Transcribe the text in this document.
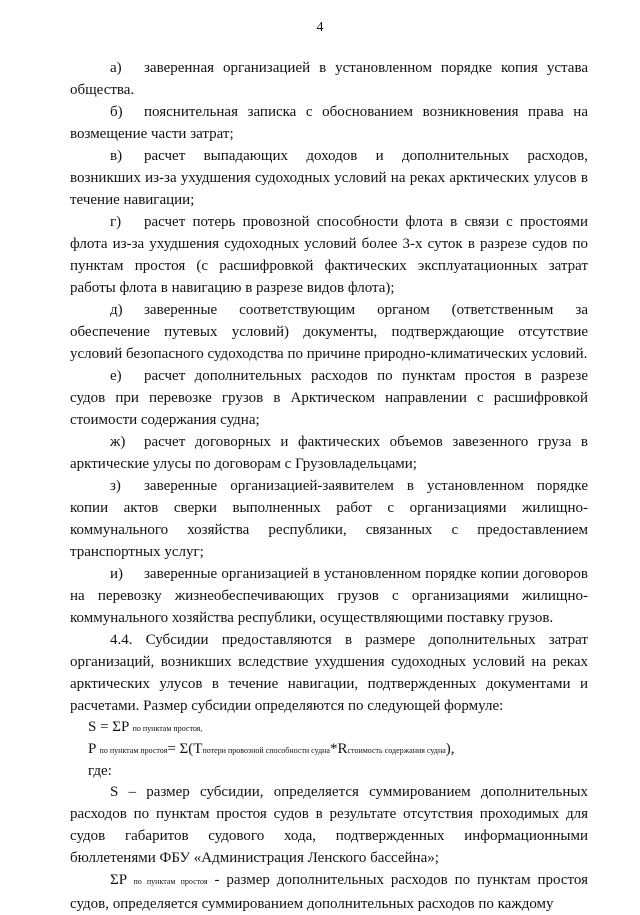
4

а) заверенная организацией в установленном порядке копия устава общества.

б) пояснительная записка с обоснованием возникновения права на возмещение части затрат;

в) расчет выпадающих доходов и дополнительных расходов, возникших из-за ухудшения судоходных условий на реках арктических улусов в течение навигации;

г) расчет потерь провозной способности флота в связи с простоями флота из-за ухудшения судоходных условий более 3-х суток в разрезе судов по пунктам простоя (с расшифровкой фактических эксплуатационных затрат работы флота в навигацию в разрезе видов флота);

д) заверенные соответствующим органом (ответственным за обеспечение путевых условий) документы, подтверждающие отсутствие условий безопасного судоходства по причине природно-климатических условий.

е) расчет дополнительных расходов по пунктам простоя в разрезе судов при перевозке грузов в Арктическом направлении с расшифровкой стоимости содержания судна;

ж) расчет договорных и фактических объемов завезенного груза в арктические улусы по договорам с Грузовладельцами;

з) заверенные организацией-заявителем в установленном порядке копии актов сверки выполненных работ с организациями жилищно-коммунального хозяйства республики, связанных с предоставлением транспортных услуг;

и) заверенные организацией в установленном порядке копии договоров на перевозку жизнеобеспечивающих грузов с организациями жилищно-коммунального хозяйства республики, осуществляющими поставку грузов.

4.4. Субсидии предоставляются в размере дополнительных затрат организаций, возникших вследствие ухудшения судоходных условий на реках арктических улусов в течение навигации, подтвержденных документами и расчетами. Размер субсидии определяются по следующей формуле:

S = ΣP по пунктам простоя,

P по пунктам простоя= Σ(Tпотери провозной способности судна*Rстоимость содержания судна),

где:

S – размер субсидии, определяется суммированием дополнительных расходов по пунктам простоя судов в результате отсутствия проходимых для судов габаритов судового хода, подтвержденных информационными бюллетенями ФБУ «Администрация Ленского бассейна»;

ΣP по пунктам простоя - размер дополнительных расходов по пунктам простоя судов, определяется суммированием дополнительных расходов по каждому
